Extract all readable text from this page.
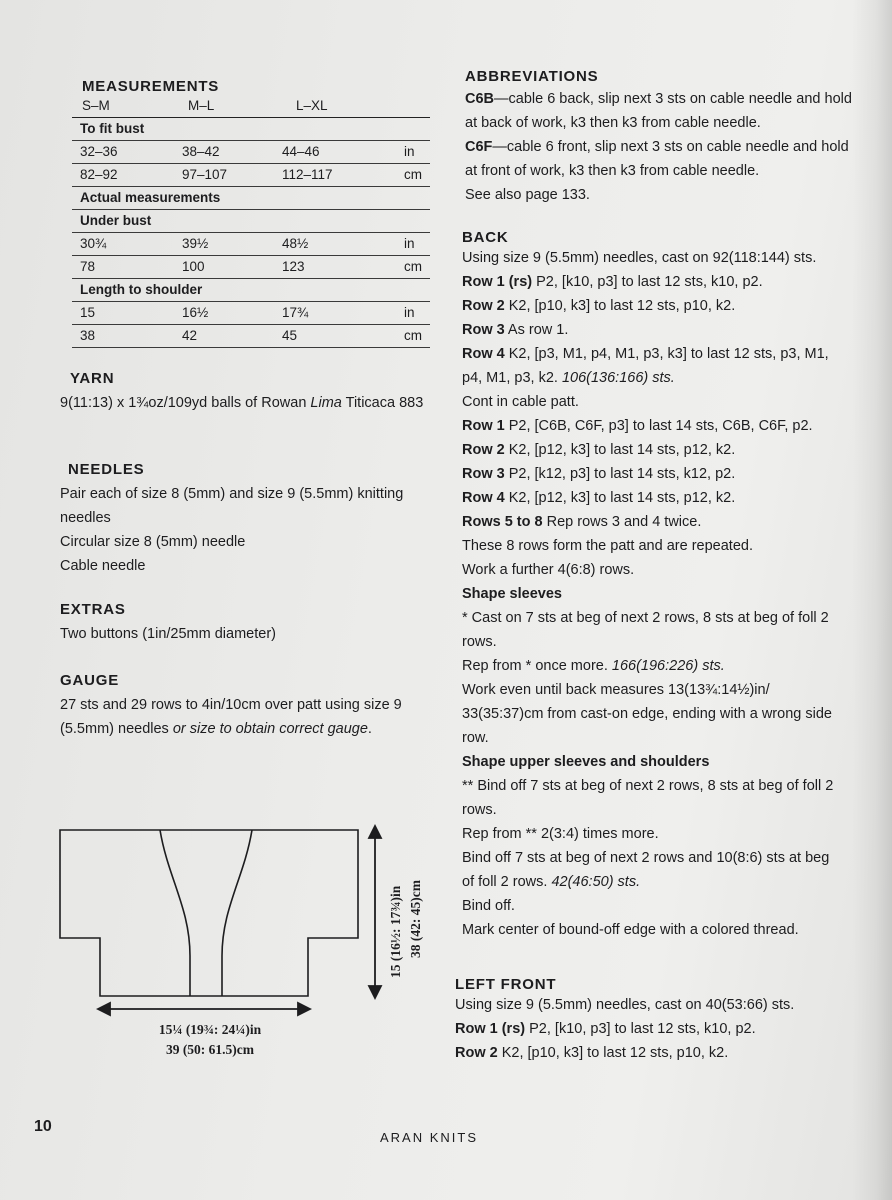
MEASUREMENTS
S–M	M–L	L–XL
To fit bust
32–36	38–42	44–46	in
82–92	97–107	112–117	cm
Actual measurements
Under bust
30¾	39½	48½	in
78	100	123	cm
Length to shoulder
15	16½	17¾	in
38	42	45	cm
YARN
9(11:13) x 1¾oz/109yd balls of Rowan Lima Titicaca 883
NEEDLES
Pair each of size 8 (5mm) and size 9 (5.5mm) knitting needles
Circular size 8 (5mm) needle
Cable needle
EXTRAS
Two buttons (1in/25mm diameter)
GAUGE
27 sts and 29 rows to 4in/10cm over patt using size 9 (5.5mm) needles or size to obtain correct gauge.
15¼ (19¾: 24¼)in
39 (50: 61.5)cm
15 (16½: 17¾)in 38 (42: 45)cm
ABBREVIATIONS
C6B—cable 6 back, slip next 3 sts on cable needle and hold at back of work, k3 then k3 from cable needle.
C6F—cable 6 front, slip next 3 sts on cable needle and hold at front of work, k3 then k3 from cable needle.
See also page 133.
BACK
Using size 9 (5.5mm) needles, cast on 92(118:144) sts.
Row 1 (rs) P2, [k10, p3] to last 12 sts, k10, p2.
Row 2 K2, [p10, k3] to last 12 sts, p10, k2.
Row 3 As row 1.
Row 4 K2, [p3, M1, p4, M1, p3, k3] to last 12 sts, p3, M1, p4, M1, p3, k2. 106(136:166) sts.
Cont in cable patt.
Row 1 P2, [C6B, C6F, p3] to last 14 sts, C6B, C6F, p2.
Row 2 K2, [p12, k3] to last 14 sts, p12, k2.
Row 3 P2, [k12, p3] to last 14 sts, k12, p2.
Row 4 K2, [p12, k3] to last 14 sts, p12, k2.
Rows 5 to 8 Rep rows 3 and 4 twice.
These 8 rows form the patt and are repeated.
Work a further 4(6:8) rows.
Shape sleeves
* Cast on 7 sts at beg of next 2 rows, 8 sts at beg of foll 2 rows.
Rep from * once more. 166(196:226) sts.
Work even until back measures 13(13¾:14½)in/ 33(35:37)cm from cast-on edge, ending with a wrong side row.
Shape upper sleeves and shoulders
** Bind off 7 sts at beg of next 2 rows, 8 sts at beg of foll 2 rows.
Rep from ** 2(3:4) times more.
Bind off 7 sts at beg of next 2 rows and 10(8:6) sts at beg of foll 2 rows. 42(46:50) sts.
Bind off.
Mark center of bound-off edge with a colored thread.
LEFT FRONT
Using size 9 (5.5mm) needles, cast on 40(53:66) sts.
Row 1 (rs) P2, [k10, p3] to last 12 sts, k10, p2.
Row 2 K2, [p10, k3] to last 12 sts, p10, k2.
10
ARAN KNITS
